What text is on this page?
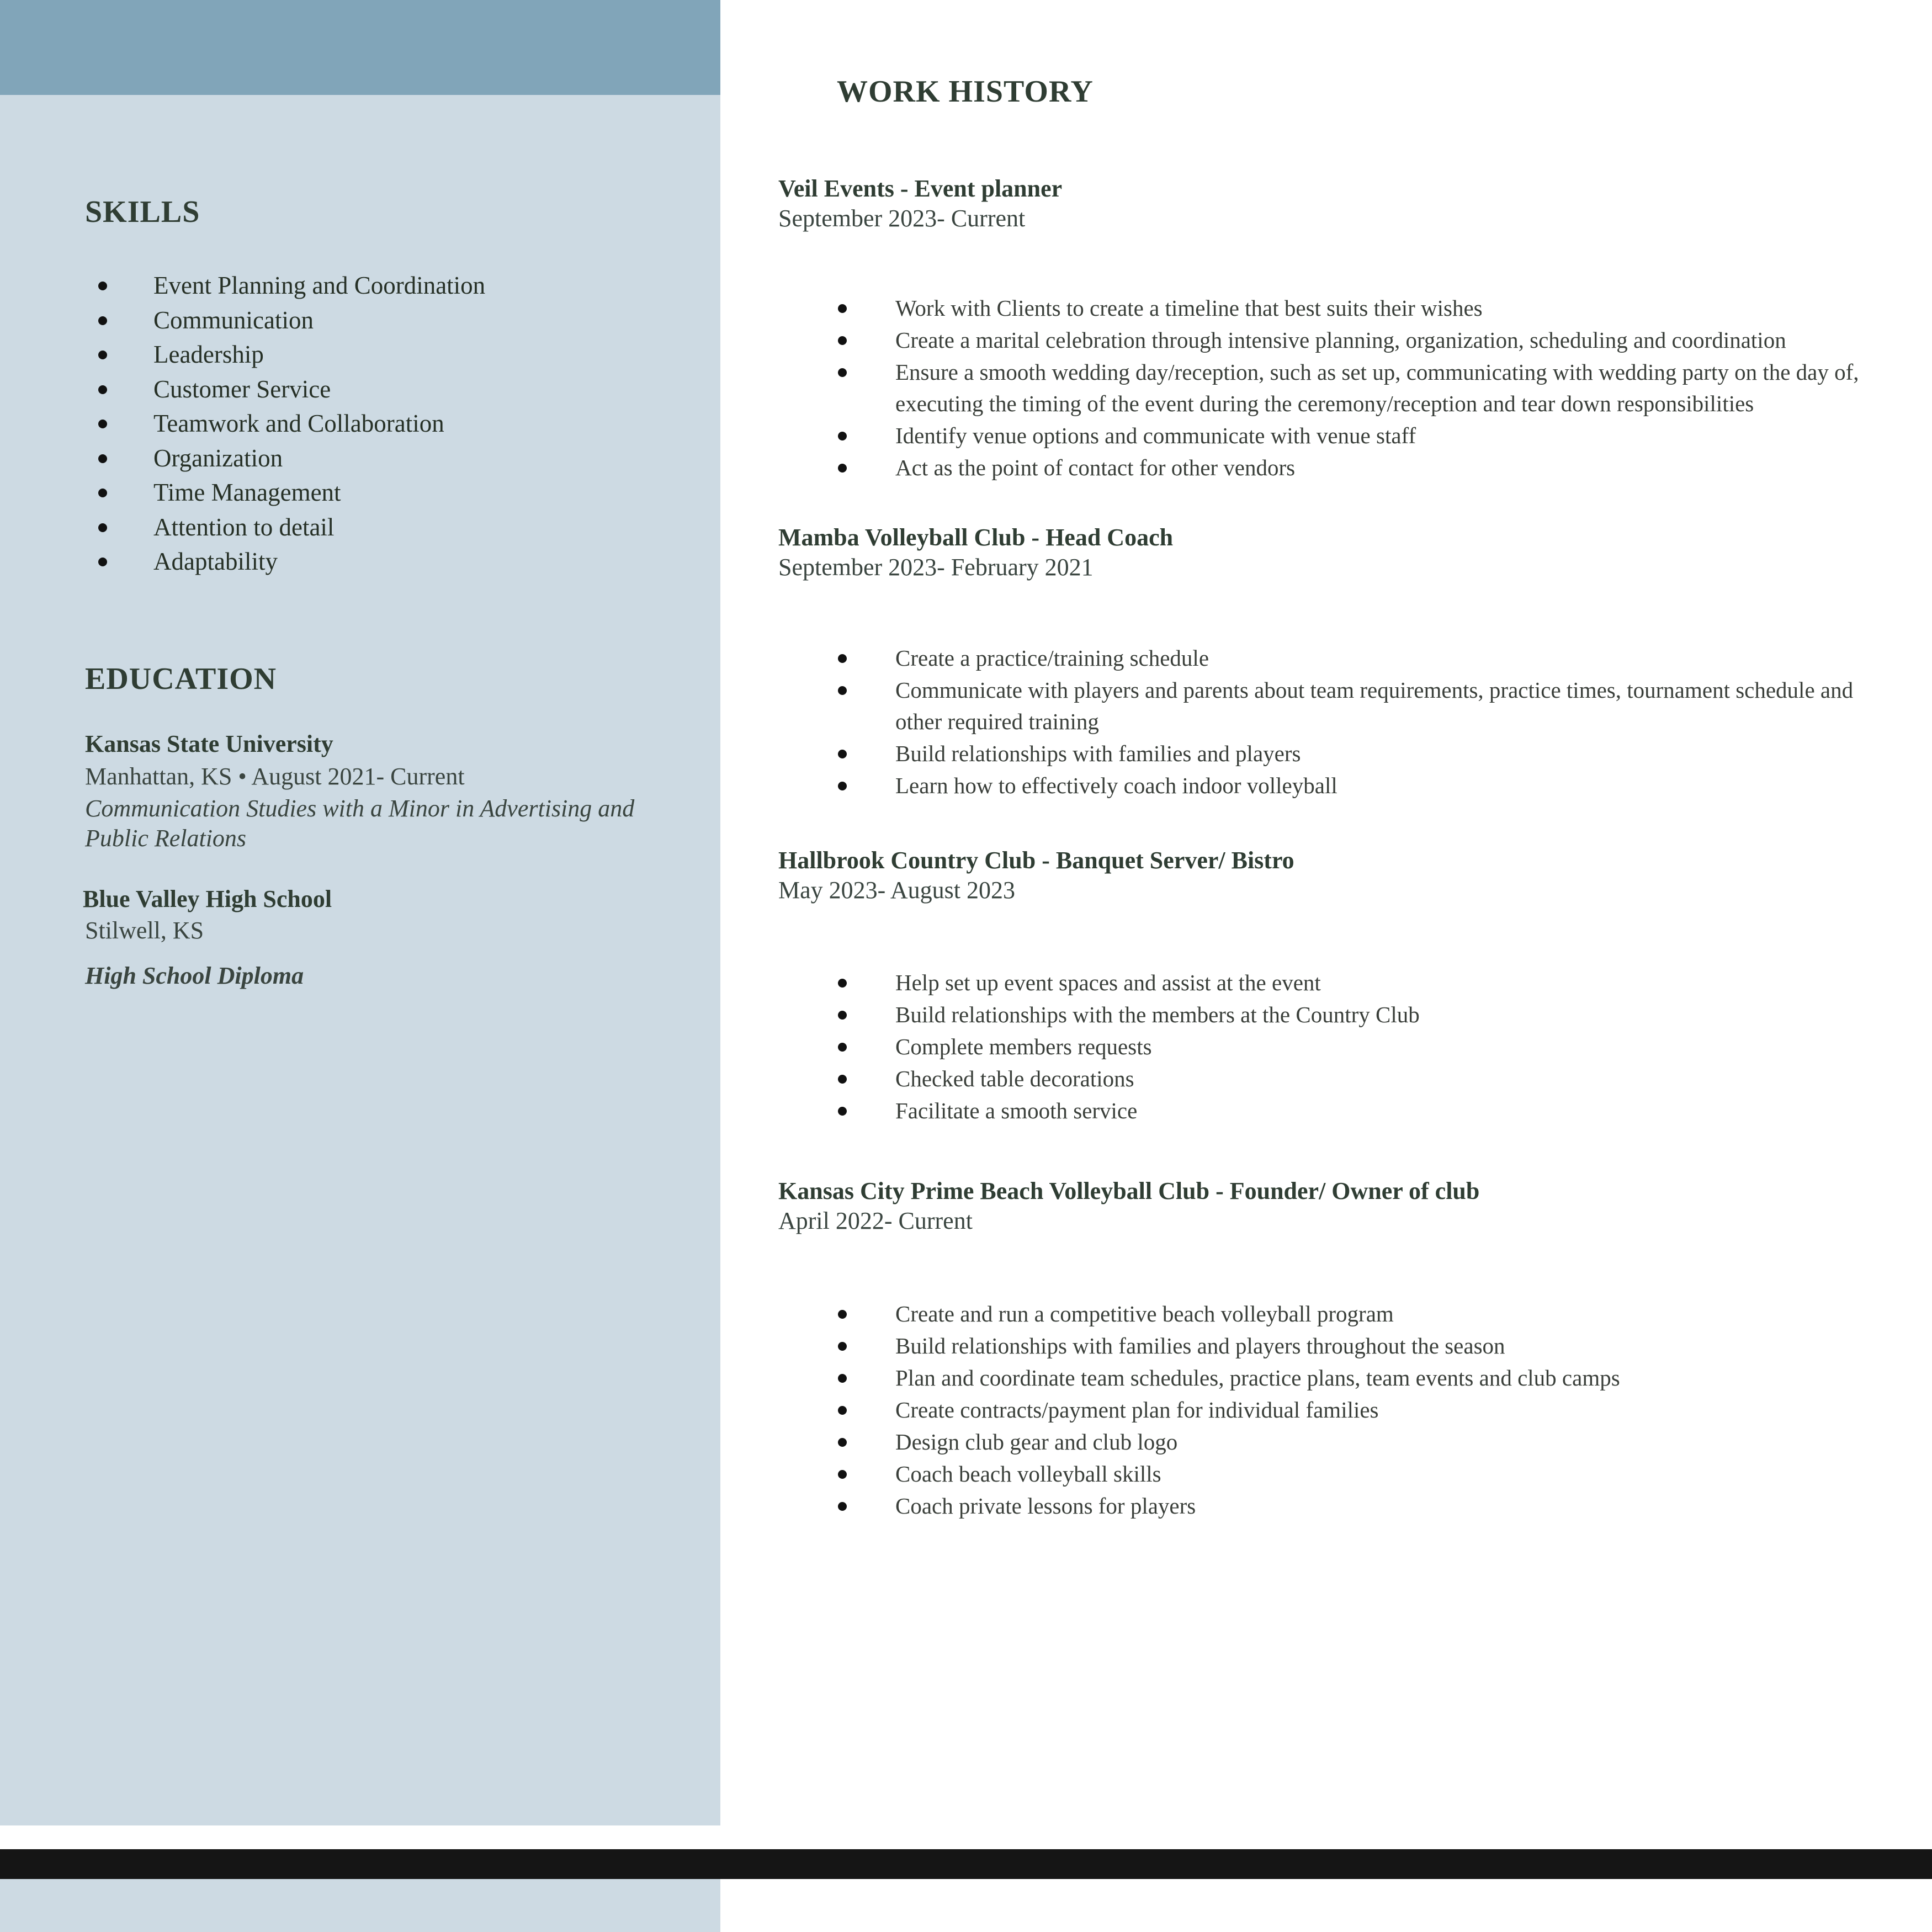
SKILLS
Event Planning and Coordination
Communication
Leadership
Customer Service
Teamwork and Collaboration
Organization
Time Management
Attention to detail
Adaptability
EDUCATION
Kansas State University
Manhattan, KS • August 2021- Current
Communication Studies with a Minor in Advertising and Public Relations
Blue Valley High School
Stilwell, KS
High School Diploma
WORK HISTORY
Veil Events - Event planner
September 2023- Current
Work with Clients to create a timeline that best suits their wishes
Create a marital celebration through intensive planning, organization, scheduling and coordination
Ensure a smooth wedding day/reception, such as set up, communicating with wedding party on the day of, executing the timing of the event during the ceremony/reception and tear down responsibilities
Identify venue options and communicate with venue staff
Act as the point of contact for other vendors
Mamba Volleyball Club - Head Coach
September 2023- February 2021
Create a practice/training schedule
Communicate with players and parents about team requirements, practice times, tournament schedule and other required training
Build relationships with families and players
Learn how to effectively coach indoor volleyball
Hallbrook Country Club - Banquet Server/ Bistro
May 2023- August 2023
Help set up event spaces and assist at the event
Build relationships with the members at the Country Club
Complete members requests
Checked table decorations
Facilitate a smooth service
Kansas City Prime Beach Volleyball Club - Founder/ Owner of club
April 2022- Current
Create and run a competitive beach volleyball program
Build relationships with families and players throughout the season
Plan and coordinate team schedules, practice plans, team events and club camps
Create contracts/payment plan for individual families
Design club gear and club logo
Coach beach volleyball skills
Coach private lessons for players
